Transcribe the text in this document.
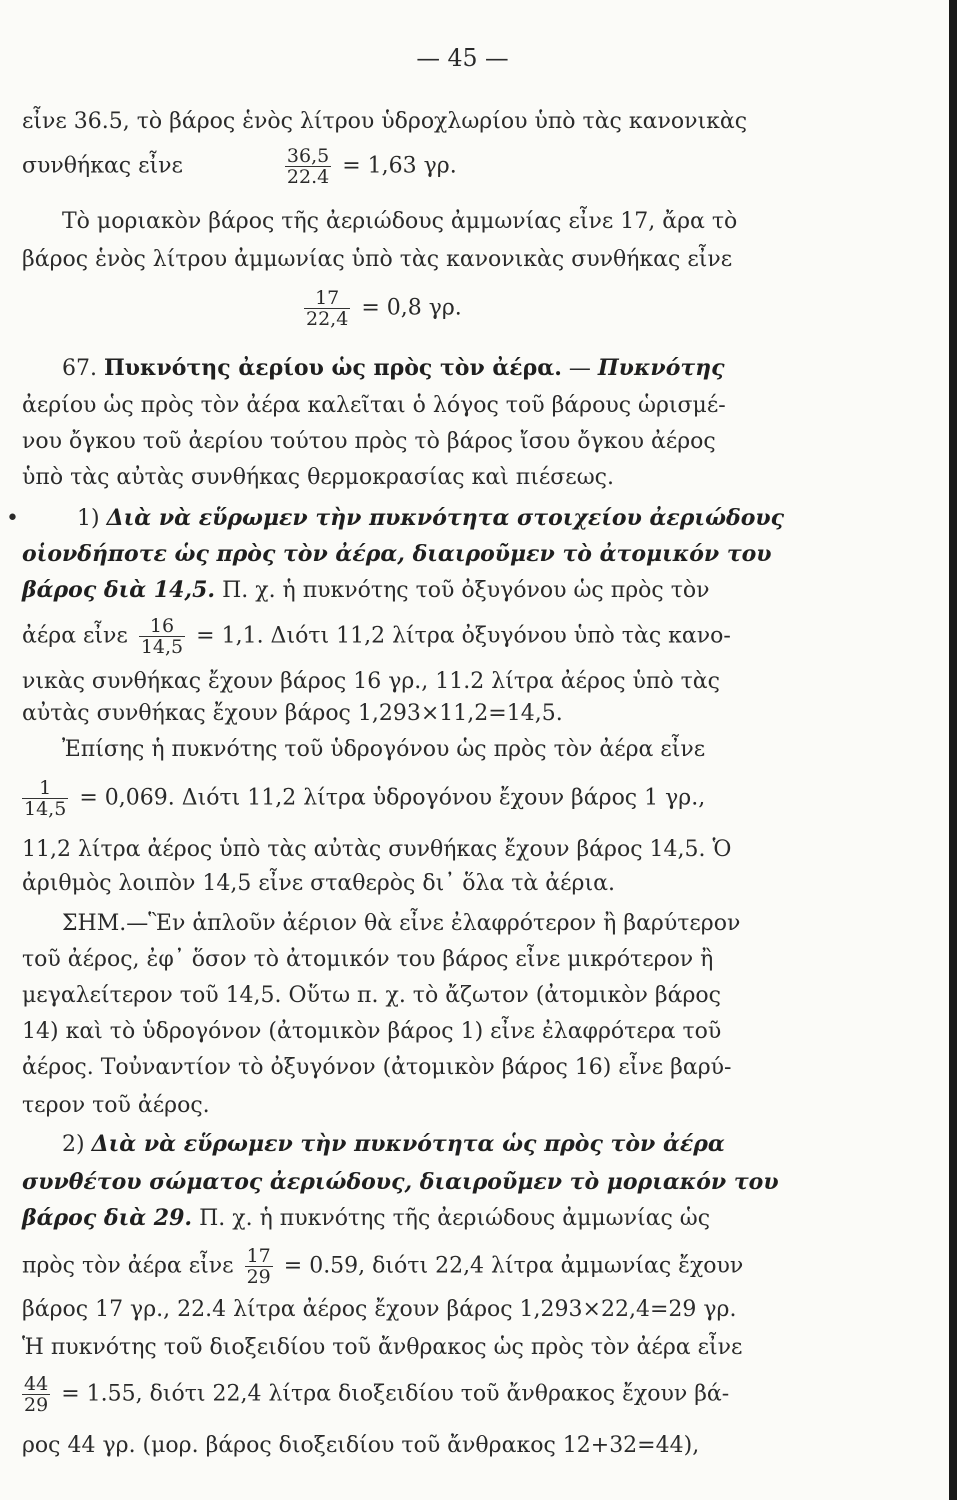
— 45 —
εἶνε 36.5, τὸ βάρος ἑνὸς λίτρου ὑδροχλωρίου ὑπὸ τὰς κανονικὰς
συνθήκας εἶνε	$\frac{36,5}{22.4} = 1,63$ γρ.
Τὸ μοριακὸν βάρος τῆς ἀεριώδους ἀμμωνίας εἶνε 17, ἄρα τὸ
βάρος ἑνὸς λίτρου ἀμμωνίας ὑπὸ τὰς κανονικὰς συνθήκας εἶνε
$\frac{17}{22,4} = 0,8$ γρ.
67. Πυκνότης ἀερίου ὡς πρὸς τὸν ἀέρα. — Πυκνότης
ἀερίου ὡς πρὸς τὸν ἀέρα καλεῖται ὁ λόγος τοῦ βάρους ὡρισμέ-
νου ὄγκου τοῦ ἀερίου τούτου πρὸς τὸ βάρος ἴσου ὄγκου ἀέρος
ὑπὸ τὰς αὐτὰς συνθήκας θερμοκρασίας καὶ πιέσεως.
•	1) Διὰ νὰ εὕρωμεν τὴν πυκνότητα στοιχείου ἀεριώδους
οἱονδήποτε ὡς πρὸς τὸν ἀέρα, διαιροῦμεν τὸ ἀτομικόν του
βάρος διὰ 14,5. Π. χ. ἡ πυκνότης τοῦ ὀξυγόνου ὡς πρὸς τὸν
ἀέρα εἶνε $\frac{16}{14,5} = 1,1$. Διότι 11,2 λίτρα ὀξυγόνου ὑπὸ τὰς κανο-
νικὰς συνθήκας ἔχουν βάρος 16 γρ., 11.2 λίτρα ἀέρος ὑπὸ τὰς
αὐτὰς συνθήκας ἔχουν βάρος 1,293×11,2=14,5.
Ἐπίσης ἡ πυκνότης τοῦ ὑδρογόνου ὡς πρὸς τὸν ἀέρα εἶνε
$\frac{1}{14,5} = 0,069$. Διότι 11,2 λίτρα ὑδρογόνου ἔχουν βάρος 1 γρ.,
11,2 λίτρα ἀέρος ὑπὸ τὰς αὐτὰς συνθήκας ἔχουν βάρος 14,5. Ὁ
ἀριθμὸς λοιπὸν 14,5 εἶνε σταθερὸς δι᾿ ὅλα τὰ ἀέρια.
ΣΗΜ.—Ἓν ἁπλοῦν ἀέριον θὰ εἶνε ἐλαφρότερον ἢ βαρύτερον
τοῦ ἀέρος, ἐφ᾿ ὅσον τὸ ἀτομικόν του βάρος εἶνε μικρότερον ἢ
μεγαλείτερον τοῦ 14,5. Οὕτω π. χ. τὸ ἄζωτον (ἀτομικὸν βάρος
14) καὶ τὸ ὑδρογόνον (ἀτομικὸν βάρος 1) εἶνε ἐλαφρότερα τοῦ
ἀέρος. Τοὐναντίον τὸ ὀξυγόνον (ἀτομικὸν βάρος 16) εἶνε βαρύ-
τερον τοῦ ἀέρος.
2) Διὰ νὰ εὕρωμεν τὴν πυκνότητα ὡς πρὸς τὸν ἀέρα
συνθέτου σώματος ἀεριώδους, διαιροῦμεν τὸ μοριακόν του
βάρος διὰ 29. Π. χ. ἡ πυκνότης τῆς ἀεριώδους ἀμμωνίας ὡς
πρὸς τὸν ἀέρα εἶνε $\frac{17}{29} = 0.59$, διότι 22,4 λίτρα ἀμμωνίας ἔχουν
βάρος 17 γρ., 22.4 λίτρα ἀέρος ἔχουν βάρος 1,293×22,4=29 γρ.
Ἡ πυκνότης τοῦ διοξειδίου τοῦ ἄνθρακος ὡς πρὸς τὸν ἀέρα εἶνε
$\frac{44}{29} = 1.55$, διότι 22,4 λίτρα διοξειδίου τοῦ ἄνθρακος ἔχουν βά-
ρος 44 γρ. (μορ. βάρος διοξειδίου τοῦ ἄνθρακος 12+32=44),
